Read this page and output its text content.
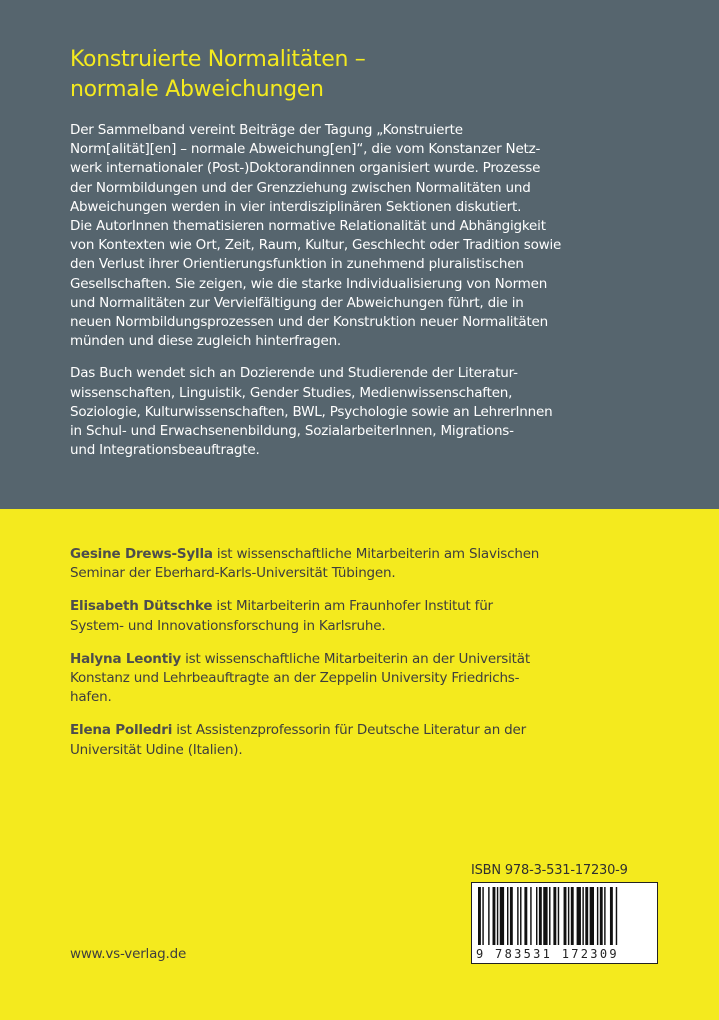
Konstruierte Normalitäten –
normale Abweichungen

Der Sammelband vereint Beiträge der Tagung „Konstruierte
Norm[alität][en] – normale Abweichung[en]“, die vom Konstanzer Netz-
werk internationaler (Post-)Doktorandinnen organisiert wurde. Prozesse
der Normbildungen und der Grenzziehung zwischen Normalitäten und
Abweichungen werden in vier interdisziplinären Sektionen diskutiert.
Die AutorInnen thematisieren normative Relationalität und Abhängigkeit
von Kontexten wie Ort, Zeit, Raum, Kultur, Geschlecht oder Tradition sowie
den Verlust ihrer Orientierungsfunktion in zunehmend pluralistischen
Gesellschaften. Sie zeigen, wie die starke Individualisierung von Normen
und Normalitäten zur Vervielfältigung der Abweichungen führt, die in
neuen Normbildungsprozessen und der Konstruktion neuer Normalitäten
münden und diese zugleich hinterfragen.

Das Buch wendet sich an Dozierende und Studierende der Literatur-
wissenschaften, Linguistik, Gender Studies, Medienwissenschaften,
Soziologie, Kulturwissenschaften, BWL, Psychologie sowie an LehrerInnen
in Schul- und Erwachsenenbildung, SozialarbeiterInnen, Migrations-
und Integrationsbeauftragte.

Gesine Drews-Sylla ist wissenschaftliche Mitarbeiterin am Slavischen
Seminar der Eberhard-Karls-Universität Tübingen.
Elisabeth Dütschke ist Mitarbeiterin am Fraunhofer Institut für
System- und Innovationsforschung in Karlsruhe.
Halyna Leontiy ist wissenschaftliche Mitarbeiterin an der Universität
Konstanz und Lehrbeauftragte an der Zeppelin University Friedrichs-
hafen.
Elena Polledri ist Assistenzprofessorin für Deutsche Literatur an der
Universität Udine (Italien).
ISBN 978-3-531-17230-9
9 783531 172309
www.vs-verlag.de
